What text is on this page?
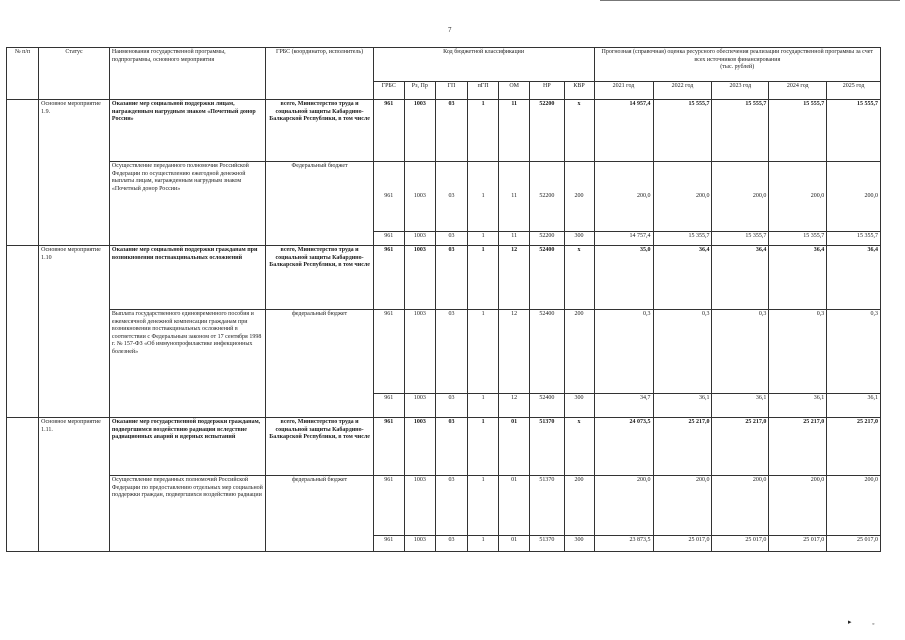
7
№ п/п	Статус	Наименования государственной программы, подпрограммы, основного мероприятия	ГРБС (координатор, исполнитель)	Код бюджетной классификации							Прогнозная (справочная) оценка ресурсного обеспечения реализации государственной программы за счет всех источников финансирования
(тыс. рублей)				
				ГРБС	Рз, Пр	ГП	пГП	ОМ	НР	КВР	2021 год	2022 год	2023 год	2024 год	2025 год
	Основное мероприятие 1.9.	Оказание мер социальной поддержки лицам, награжденным нагрудным знаком «Почетный донор России»	всего, Министерство труда и социальной защиты Кабардино-Балкарской Республики, в том числе	961	1003	03	1	11	52200	x	14 957,4	15 555,7	15 555,7	15 555,7	15 555,7

		Осуществление переданного полномочия Российской Федерации по осуществлению ежегодной денежной выплаты лицам, награжденным нагрудным знаком «Почетный донор России»	Федеральный бюджет	961	1003	03	1	11	52200	200	200,0	200,0	200,0	200,0	200,0
				961	1003	03	1	11	52200	300	14 757,4	15 355,7	15 355,7	15 355,7	15 355,7
	Основное мероприятие 1.10	Оказание мер социальной поддержки гражданам при возникновении поствакцинальных осложнений	всего, Министерство труда и социальной защиты Кабардино-Балкарской Республики, в том числе	961	1003	03	1	12	52400	x	35,0	36,4	36,4	36,4	36,4

		Выплата государственного единовременного пособия и ежемесячной денежной компенсации гражданам при возникновении поствакцинальных осложнений в соответствии с Федеральным законом от 17 сентября 1998 г. № 157-ФЗ «Об иммунопрофилактике инфекционных болезней»	федеральный бюджет	961	1003	03	1	12	52400	200	0,3	0,3	0,3	0,3	0,3
				961	1003	03	1	12	52400	300	34,7	36,1	36,1	36,1	36,1
	Основное мероприятие 1.11.	Оказание мер государственной поддержки гражданам, подвергшимся воздействию радиации вследствие радиационных аварий и ядерных испытаний	всего, Министерство труда и социальной защиты Кабардино-Балкарской Республики, в том числе	961	1003	03	1	01	51370	x	24 073,5	25 217,0	25 217,0	25 217,0	25 217,0

		Осуществление переданных полномочий Российской Федерации по предоставлению отдельных мер социальной поддержки граждан, подвергшихся воздействию радиации	федеральный бюджет	961	1003	03	1	01	51370	200	200,0	200,0	200,0	200,0	200,0
				961	1003	03	1	01	51370	300	23 873,5	25 017,0	25 017,0	25 017,0	25 017,0
▸	◦
